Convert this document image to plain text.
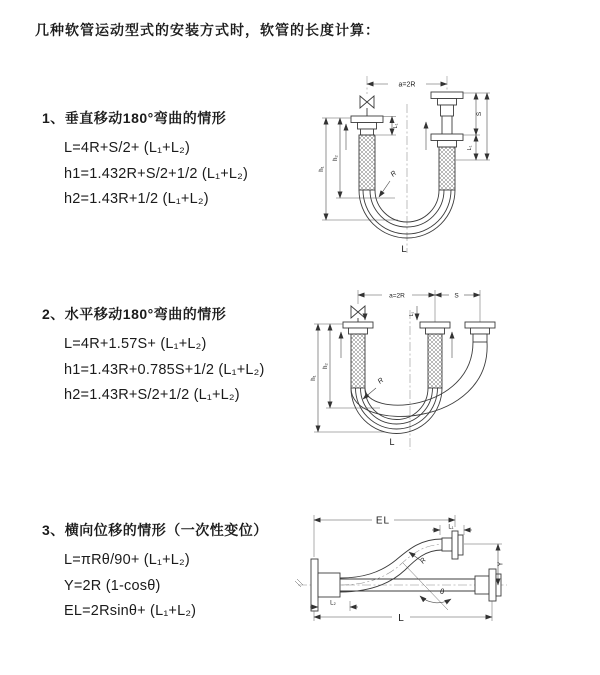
几种软管运动型式的安装方式时，软管的长度计算：
1、垂直移动180°弯曲的情形
L=4R+S/2+ (L₁+L₂)
h1=1.432R+S/2+1/2 (L₁+L₂)
h2=1.43R+1/2 (L₁+L₂)
2、水平移动180°弯曲的情形
L=4R+1.57S+ (L₁+L₂)
h1=1.43R+0.785S+1/2 (L₁+L₂)
h2=1.43R+S/2+1/2 (L₁+L₂)
3、横向位移的情形（一次性变位）
L=πRθ/90+ (L₁+L₂)
Y=2R (1-cosθ)
EL=2Rsinθ+ (L₁+L₂)
a=2R
L₁
S
L₁
h₂
h₁
R
L
a=2R	S
L₁
h₂
h₁	R
L
EL
L₁
Y
θ
R
L₂
L
